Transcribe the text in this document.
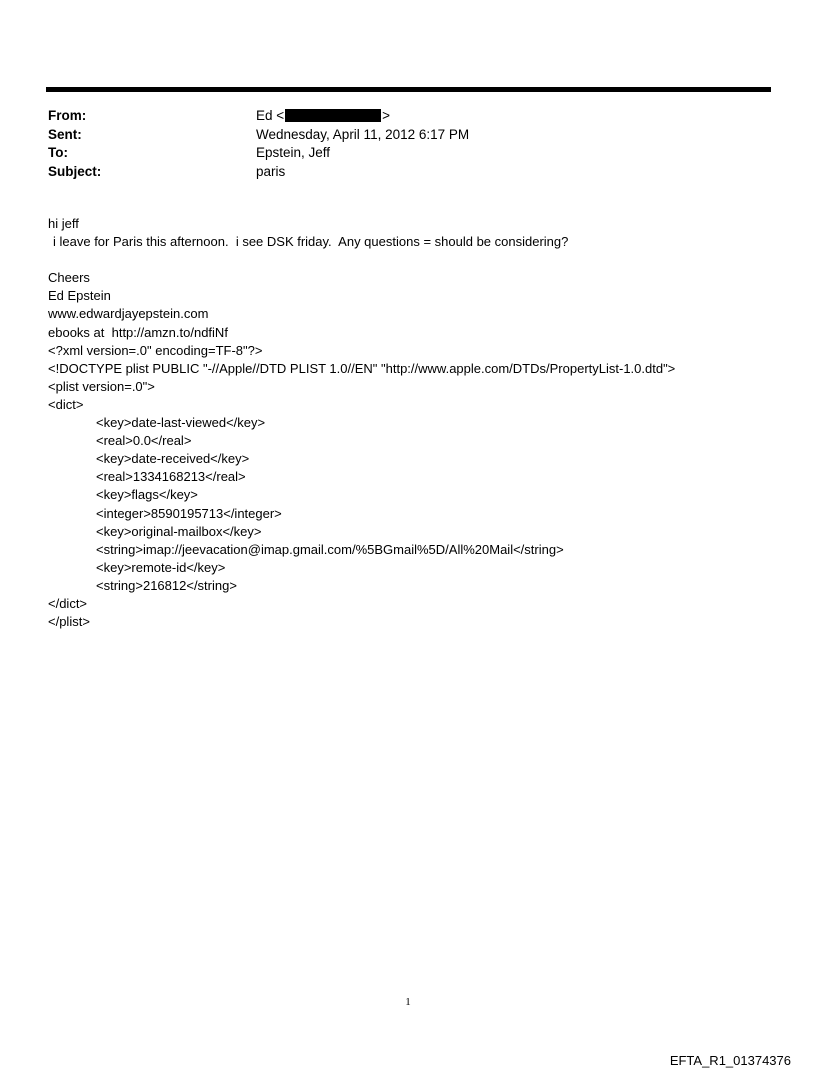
From:	Ed <	>
Sent:	Wednesday, April 11, 2012 6:17 PM
To:	Epstein, Jeff
Subject:	paris
hi jeff
i leave for Paris this afternoon.  i see DSK friday.  Any questions = should be considering?
Cheers
Ed Epstein
www.edwardjayepstein.com
ebooks at  http://amzn.to/ndfiNf
<?xml version=.0" encoding=TF-8"?>
<!DOCTYPE plist PUBLIC "-//Apple//DTD PLIST 1.0//EN" "http://www.apple.com/DTDs/PropertyList-1.0.dtd">
<plist version=.0">
<dict>
<key>date-last-viewed</key>
<real>0.0</real>
<key>date-received</key>
<real>1334168213</real>
<key>flags</key>
<integer>8590195713</integer>
<key>original-mailbox</key>
<string>imap://jeevacation@imap.gmail.com/%5BGmail%5D/All%20Mail</string>
<key>remote-id</key>
<string>216812</string>
</dict>
</plist>
1
EFTA_R1_01374376
